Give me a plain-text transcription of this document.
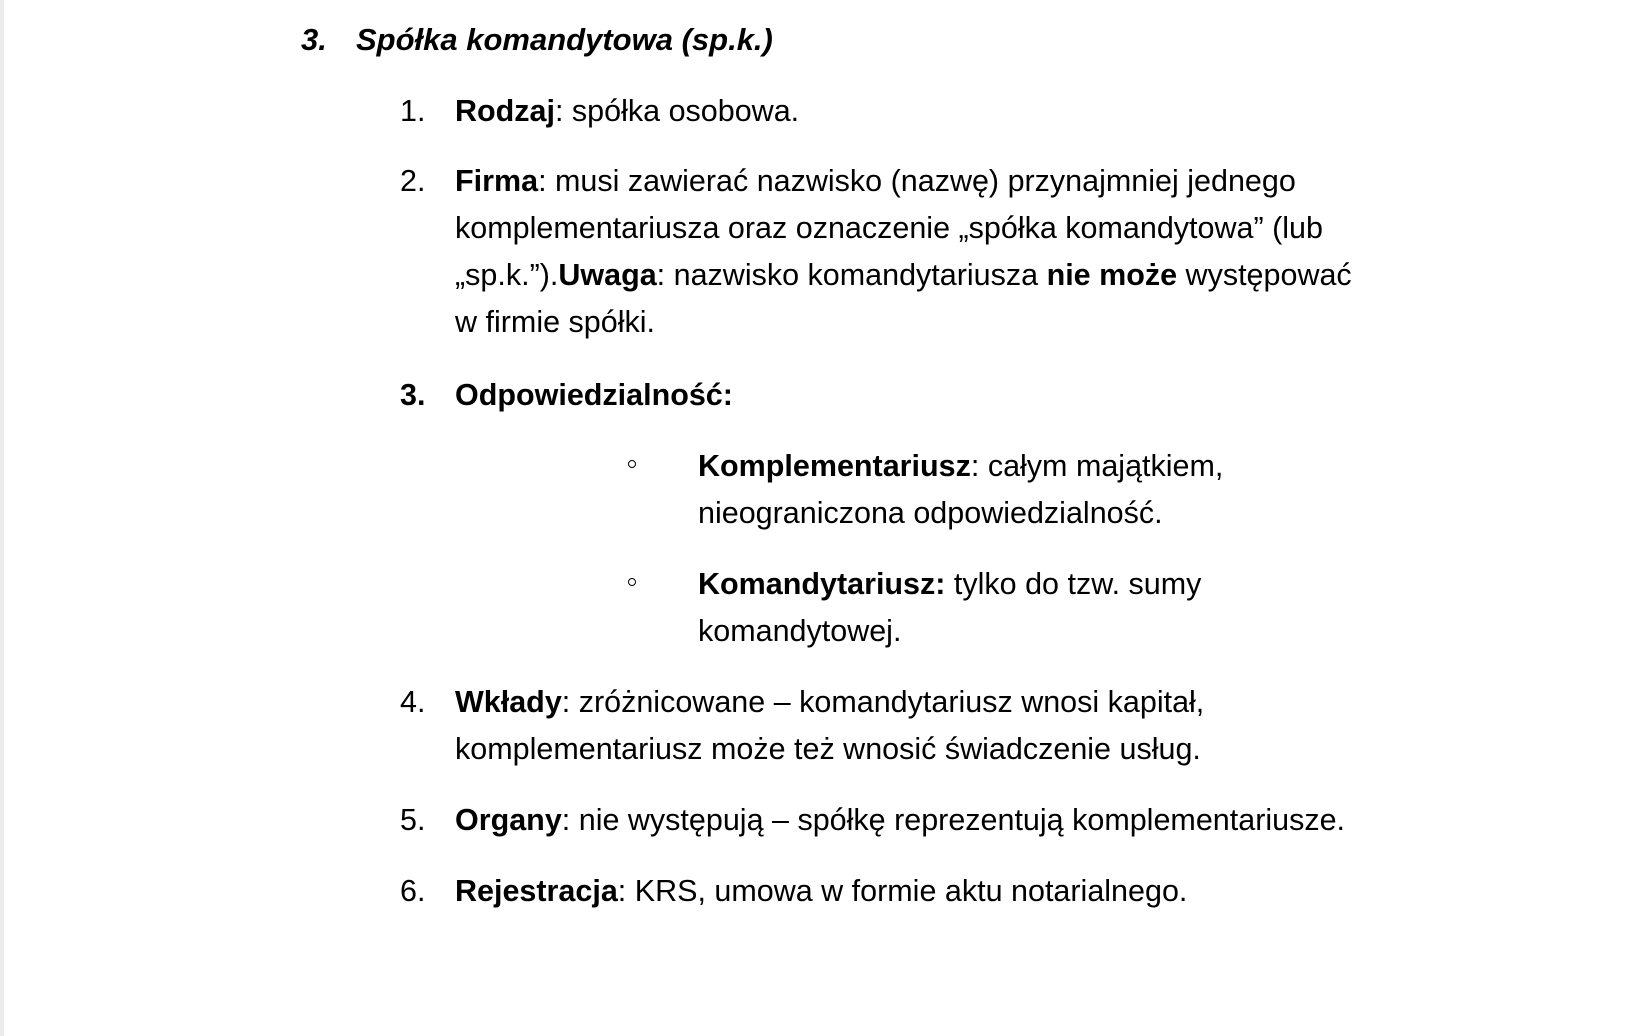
3. Spółka komandytowa (sp.k.)
1. Rodzaj: spółka osobowa.
2. Firma: musi zawierać nazwisko (nazwę) przynajmniej jednego
komplementariusza oraz oznaczenie „spółka komandytowa” (lub
„sp.k.”).Uwaga: nazwisko komandytariusza nie może występować
w firmie spółki.
3. Odpowiedzialność:
Komplementariusz: całym majątkiem,
nieograniczona odpowiedzialność.
Komandytariusz: tylko do tzw. sumy
komandytowej.
4. Wkłady: zróżnicowane – komandytariusz wnosi kapitał,
komplementariusz może też wnosić świadczenie usług.
5. Organy: nie występują – spółkę reprezentują komplementariusze.
6. Rejestracja: KRS, umowa w formie aktu notarialnego.
